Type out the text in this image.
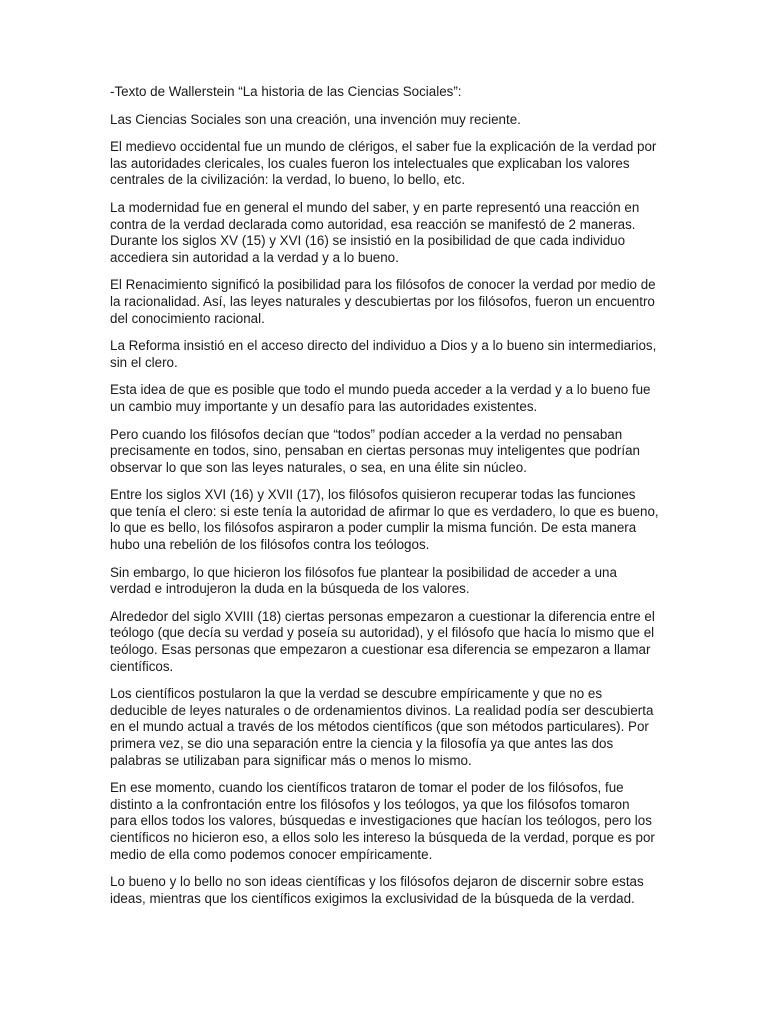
-Texto de Wallerstein “La historia de las Ciencias Sociales”:

Las Ciencias Sociales son una creación, una invención muy reciente.

El medievo occidental fue un mundo de clérigos, el saber fue la explicación de la verdad por las autoridades clericales, los cuales fueron los intelectuales que explicaban los valores centrales de la civilización: la verdad, lo bueno, lo bello, etc.

La modernidad fue en general el mundo del saber, y en parte representó una reacción en contra de la verdad declarada como autoridad, esa reacción se manifestó de 2 maneras. Durante los siglos XV (15) y XVI (16) se insistió en la posibilidad de que cada individuo accediera sin autoridad a la verdad y a lo bueno.

El Renacimiento significó la posibilidad para los filósofos de conocer la verdad por medio de la racionalidad. Así, las leyes naturales y descubiertas por los filósofos, fueron un encuentro del conocimiento racional.

La Reforma insistió en el acceso directo del individuo a Dios y a lo bueno sin intermediarios, sin el clero.

Esta idea de que es posible que todo el mundo pueda acceder a la verdad y a lo bueno fue un cambio muy importante y un desafío para las autoridades existentes.

Pero cuando los filósofos decían que “todos” podían acceder a la verdad no pensaban precisamente en todos, sino, pensaban en ciertas personas muy inteligentes que podrían observar lo que son las leyes naturales, o sea, en una élite sin núcleo.

Entre los siglos XVI (16) y XVII (17), los filósofos quisieron recuperar todas las funciones que tenía el clero: si este tenía la autoridad de afirmar lo que es verdadero, lo que es bueno, lo que es bello, los filósofos aspiraron a poder cumplir la misma función. De esta manera hubo una rebelión de los filósofos contra los teólogos.

Sin embargo, lo que hicieron los filósofos fue plantear la posibilidad de acceder a una verdad e introdujeron la duda en la búsqueda de los valores.

Alrededor del siglo XVIII (18) ciertas personas empezaron a cuestionar la diferencia entre el teólogo (que decía su verdad y poseía su autoridad), y el filósofo que hacía lo mismo que el teólogo. Esas personas que empezaron a cuestionar esa diferencia se empezaron a llamar científicos.

Los científicos postularon la que la verdad se descubre empíricamente y que no es deducible de leyes naturales o de ordenamientos divinos. La realidad podía ser descubierta en el mundo actual a través de los métodos científicos (que son métodos particulares). Por primera vez, se dio una separación entre la ciencia y la filosofía ya que antes las dos palabras se utilizaban para significar más o menos lo mismo.

En ese momento, cuando los científicos trataron de tomar el poder de los filósofos, fue distinto a la confrontación entre los filósofos y los teólogos, ya que los filósofos tomaron para ellos todos los valores, búsquedas e investigaciones que hacían los teólogos, pero los científicos no hicieron eso, a ellos solo les intereso la búsqueda de la verdad, porque es por medio de ella como podemos conocer empíricamente.

Lo bueno y lo bello no son ideas científicas y los filósofos dejaron de discernir sobre estas ideas, mientras que los científicos exigimos la exclusividad de la búsqueda de la verdad.
